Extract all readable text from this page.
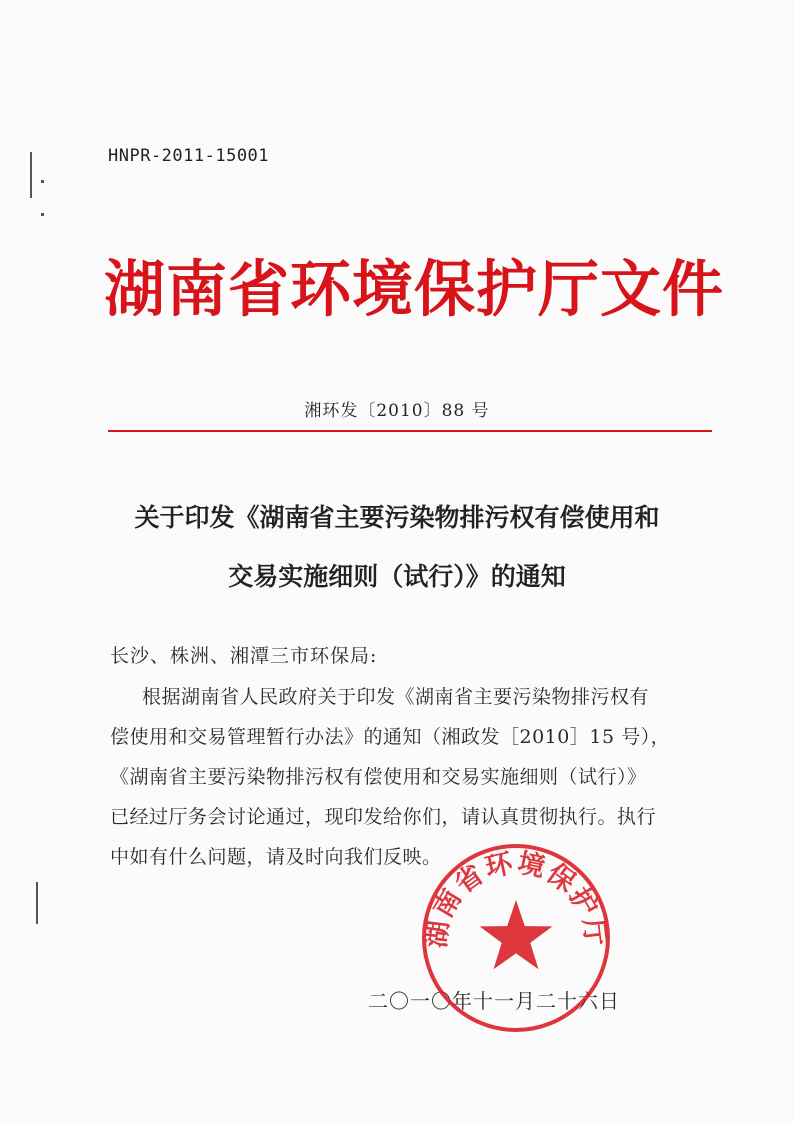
HNPR-2011-15001
湖南省环境保护厅文件
湘环发〔2010〕88 号
关于印发《湖南省主要污染物排污权有偿使用和
交易实施细则（试行）》的通知
长沙、株洲、湘潭三市环保局:
根据湖南省人民政府关于印发《湖南省主要污染物排污权有
偿使用和交易管理暂行办法》的通知（湘政发［2010］15 号），
《湖南省主要污染物排污权有偿使用和交易实施细则（试行）》
已经过厅务会讨论通过，现印发给你们，请认真贯彻执行。执行
中如有什么问题，请及时向我们反映。
二〇一〇年十一月二十六日
湖南省环境保护厅
